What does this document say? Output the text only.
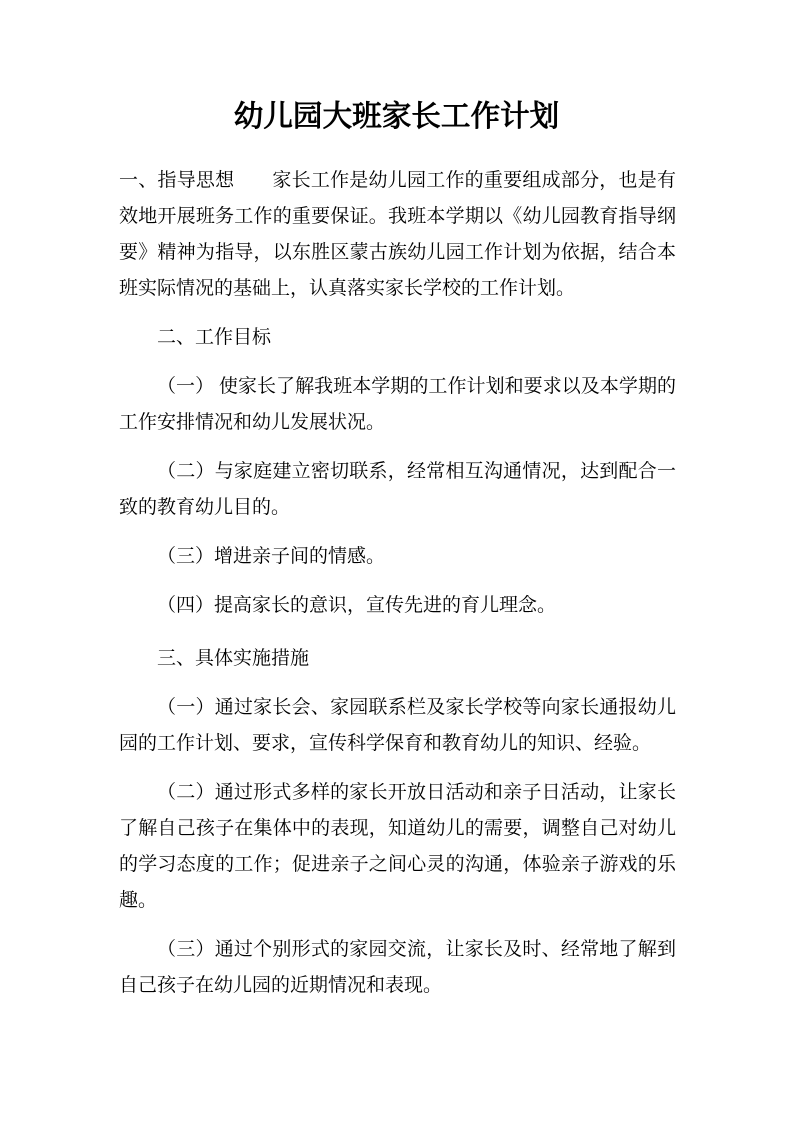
幼儿园大班家长工作计划

一、指导思想 家长工作是幼儿园工作的重要组成部分，也是有效地开展班务工作的重要保证。我班本学期以《幼儿园教育指导纲要》精神为指导，以东胜区蒙古族幼儿园工作计划为依据，结合本班实际情况的基础上，认真落实家长学校的工作计划。

二、工作目标

（一） 使家长了解我班本学期的工作计划和要求以及本学期的工作安排情况和幼儿发展状况。

（二）与家庭建立密切联系，经常相互沟通情况，达到配合一致的教育幼儿目的。

（三）增进亲子间的情感。

（四）提高家长的意识，宣传先进的育儿理念。

三、具体实施措施

（一）通过家长会、家园联系栏及家长学校等向家长通报幼儿园的工作计划、要求，宣传科学保育和教育幼儿的知识、经验。

（二）通过形式多样的家长开放日活动和亲子日活动，让家长了解自己孩子在集体中的表现，知道幼儿的需要，调整自己对幼儿的学习态度的工作；促进亲子之间心灵的沟通，体验亲子游戏的乐趣。

（三）通过个别形式的家园交流，让家长及时、经常地了解到自己孩子在幼儿园的近期情况和表现。
